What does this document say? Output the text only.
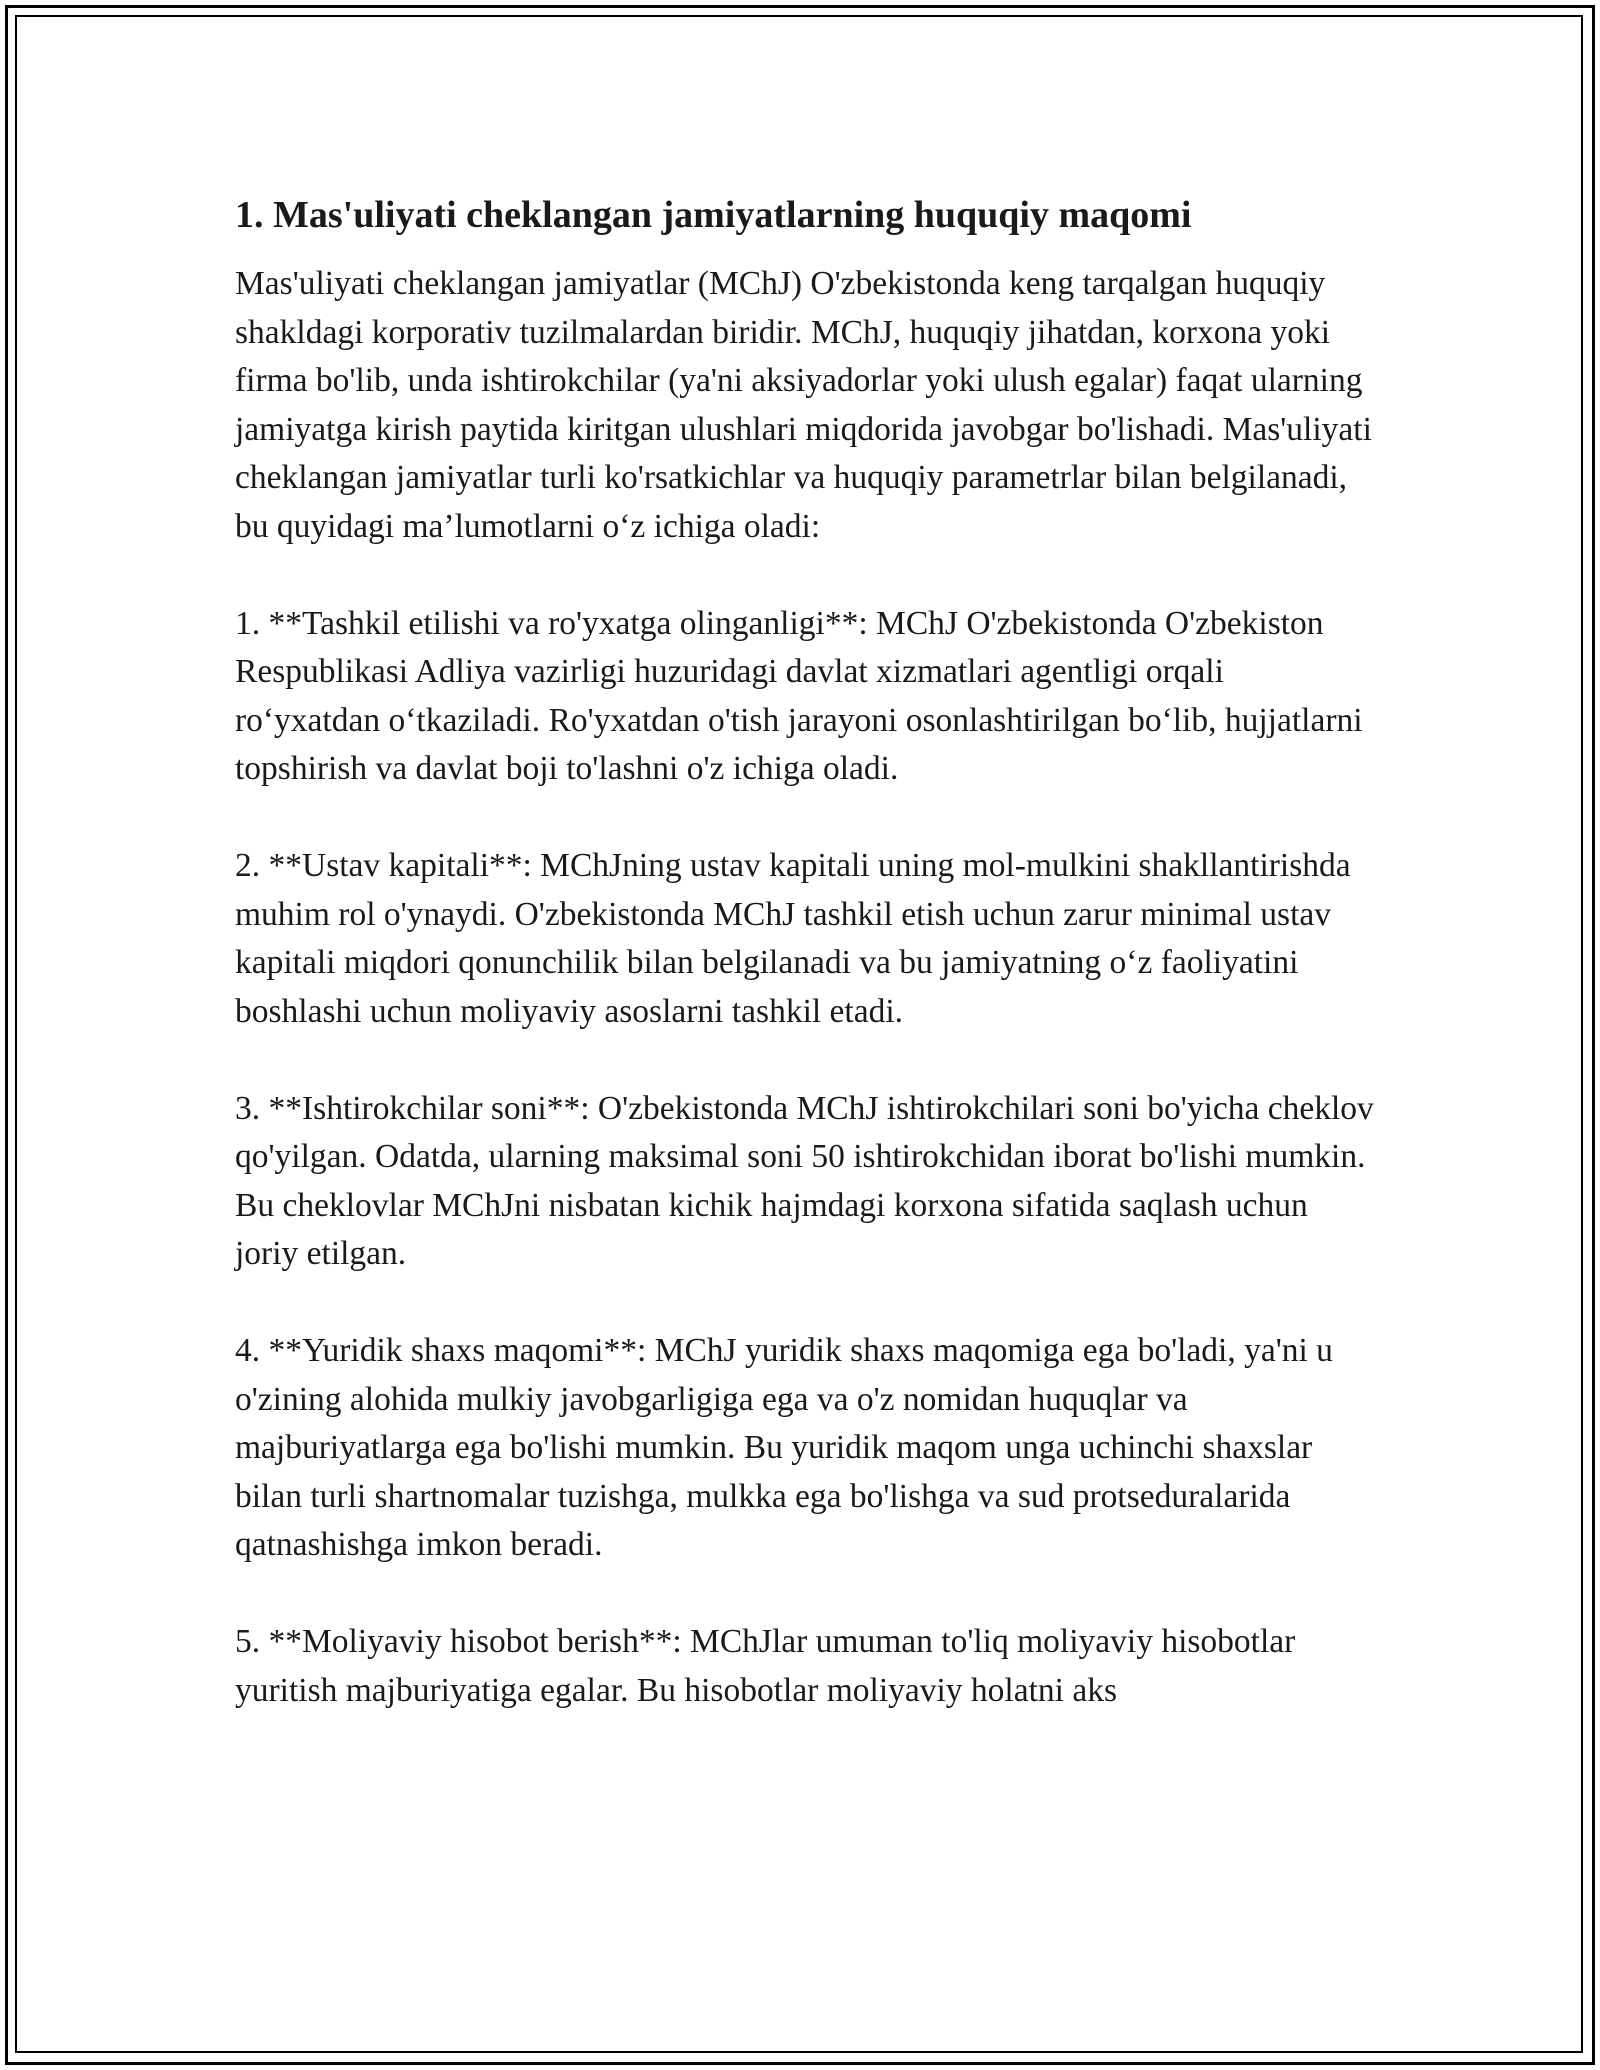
1. Mas'uliyati cheklangan jamiyatlarning huquqiy maqomi
Mas'uliyati cheklangan jamiyatlar (MChJ) O'zbekistonda keng tarqalgan huquqiy shakldagi korporativ tuzilmalardan biridir. MChJ, huquqiy jihatdan, korxona yoki firma bo'lib, unda ishtirokchilar (ya'ni aksiyadorlar yoki ulush egalar) faqat ularning jamiyatga kirish paytida kiritgan ulushlari miqdorida javobgar bo'lishadi. Mas'uliyati cheklangan jamiyatlar turli ko'rsatkichlar va huquqiy parametrlar bilan belgilanadi, bu quyidagi ma’lumotlarni o‘z ichiga oladi:
1. **Tashkil etilishi va ro'yxatga olinganligi**: MChJ O'zbekistonda O'zbekiston Respublikasi Adliya vazirligi huzuridagi davlat xizmatlari agentligi orqali ro‘yxatdan o‘tkaziladi. Ro'yxatdan o'tish jarayoni osonlashtirilgan bo‘lib, hujjatlarni topshirish va davlat boji to'lashni o'z ichiga oladi.
2. **Ustav kapitali**: MChJning ustav kapitali uning mol-mulkini shakllantirishda muhim rol o'ynaydi. O'zbekistonda MChJ tashkil etish uchun zarur minimal ustav kapitali miqdori qonunchilik bilan belgilanadi va bu jamiyatning o‘z faoliyatini boshlashi uchun moliyaviy asoslarni tashkil etadi.
3. **Ishtirokchilar soni**: O'zbekistonda MChJ ishtirokchilari soni bo'yicha cheklov qo'yilgan. Odatda, ularning maksimal soni 50 ishtirokchidan iborat bo'lishi mumkin. Bu cheklovlar MChJni nisbatan kichik hajmdagi korxona sifatida saqlash uchun joriy etilgan.
4. **Yuridik shaxs maqomi**: MChJ yuridik shaxs maqomiga ega bo'ladi, ya'ni u o'zining alohida mulkiy javobgarligiga ega va o'z nomidan huquqlar va majburiyatlarga ega bo'lishi mumkin. Bu yuridik maqom unga uchinchi shaxslar bilan turli shartnomalar tuzishga, mulkka ega bo'lishga va sud protseduralarida qatnashishga imkon beradi.
5. **Moliyaviy hisobot berish**: MChJlar umuman to'liq moliyaviy hisobotlar yuritish majburiyatiga egalar. Bu hisobotlar moliyaviy holatni aks
